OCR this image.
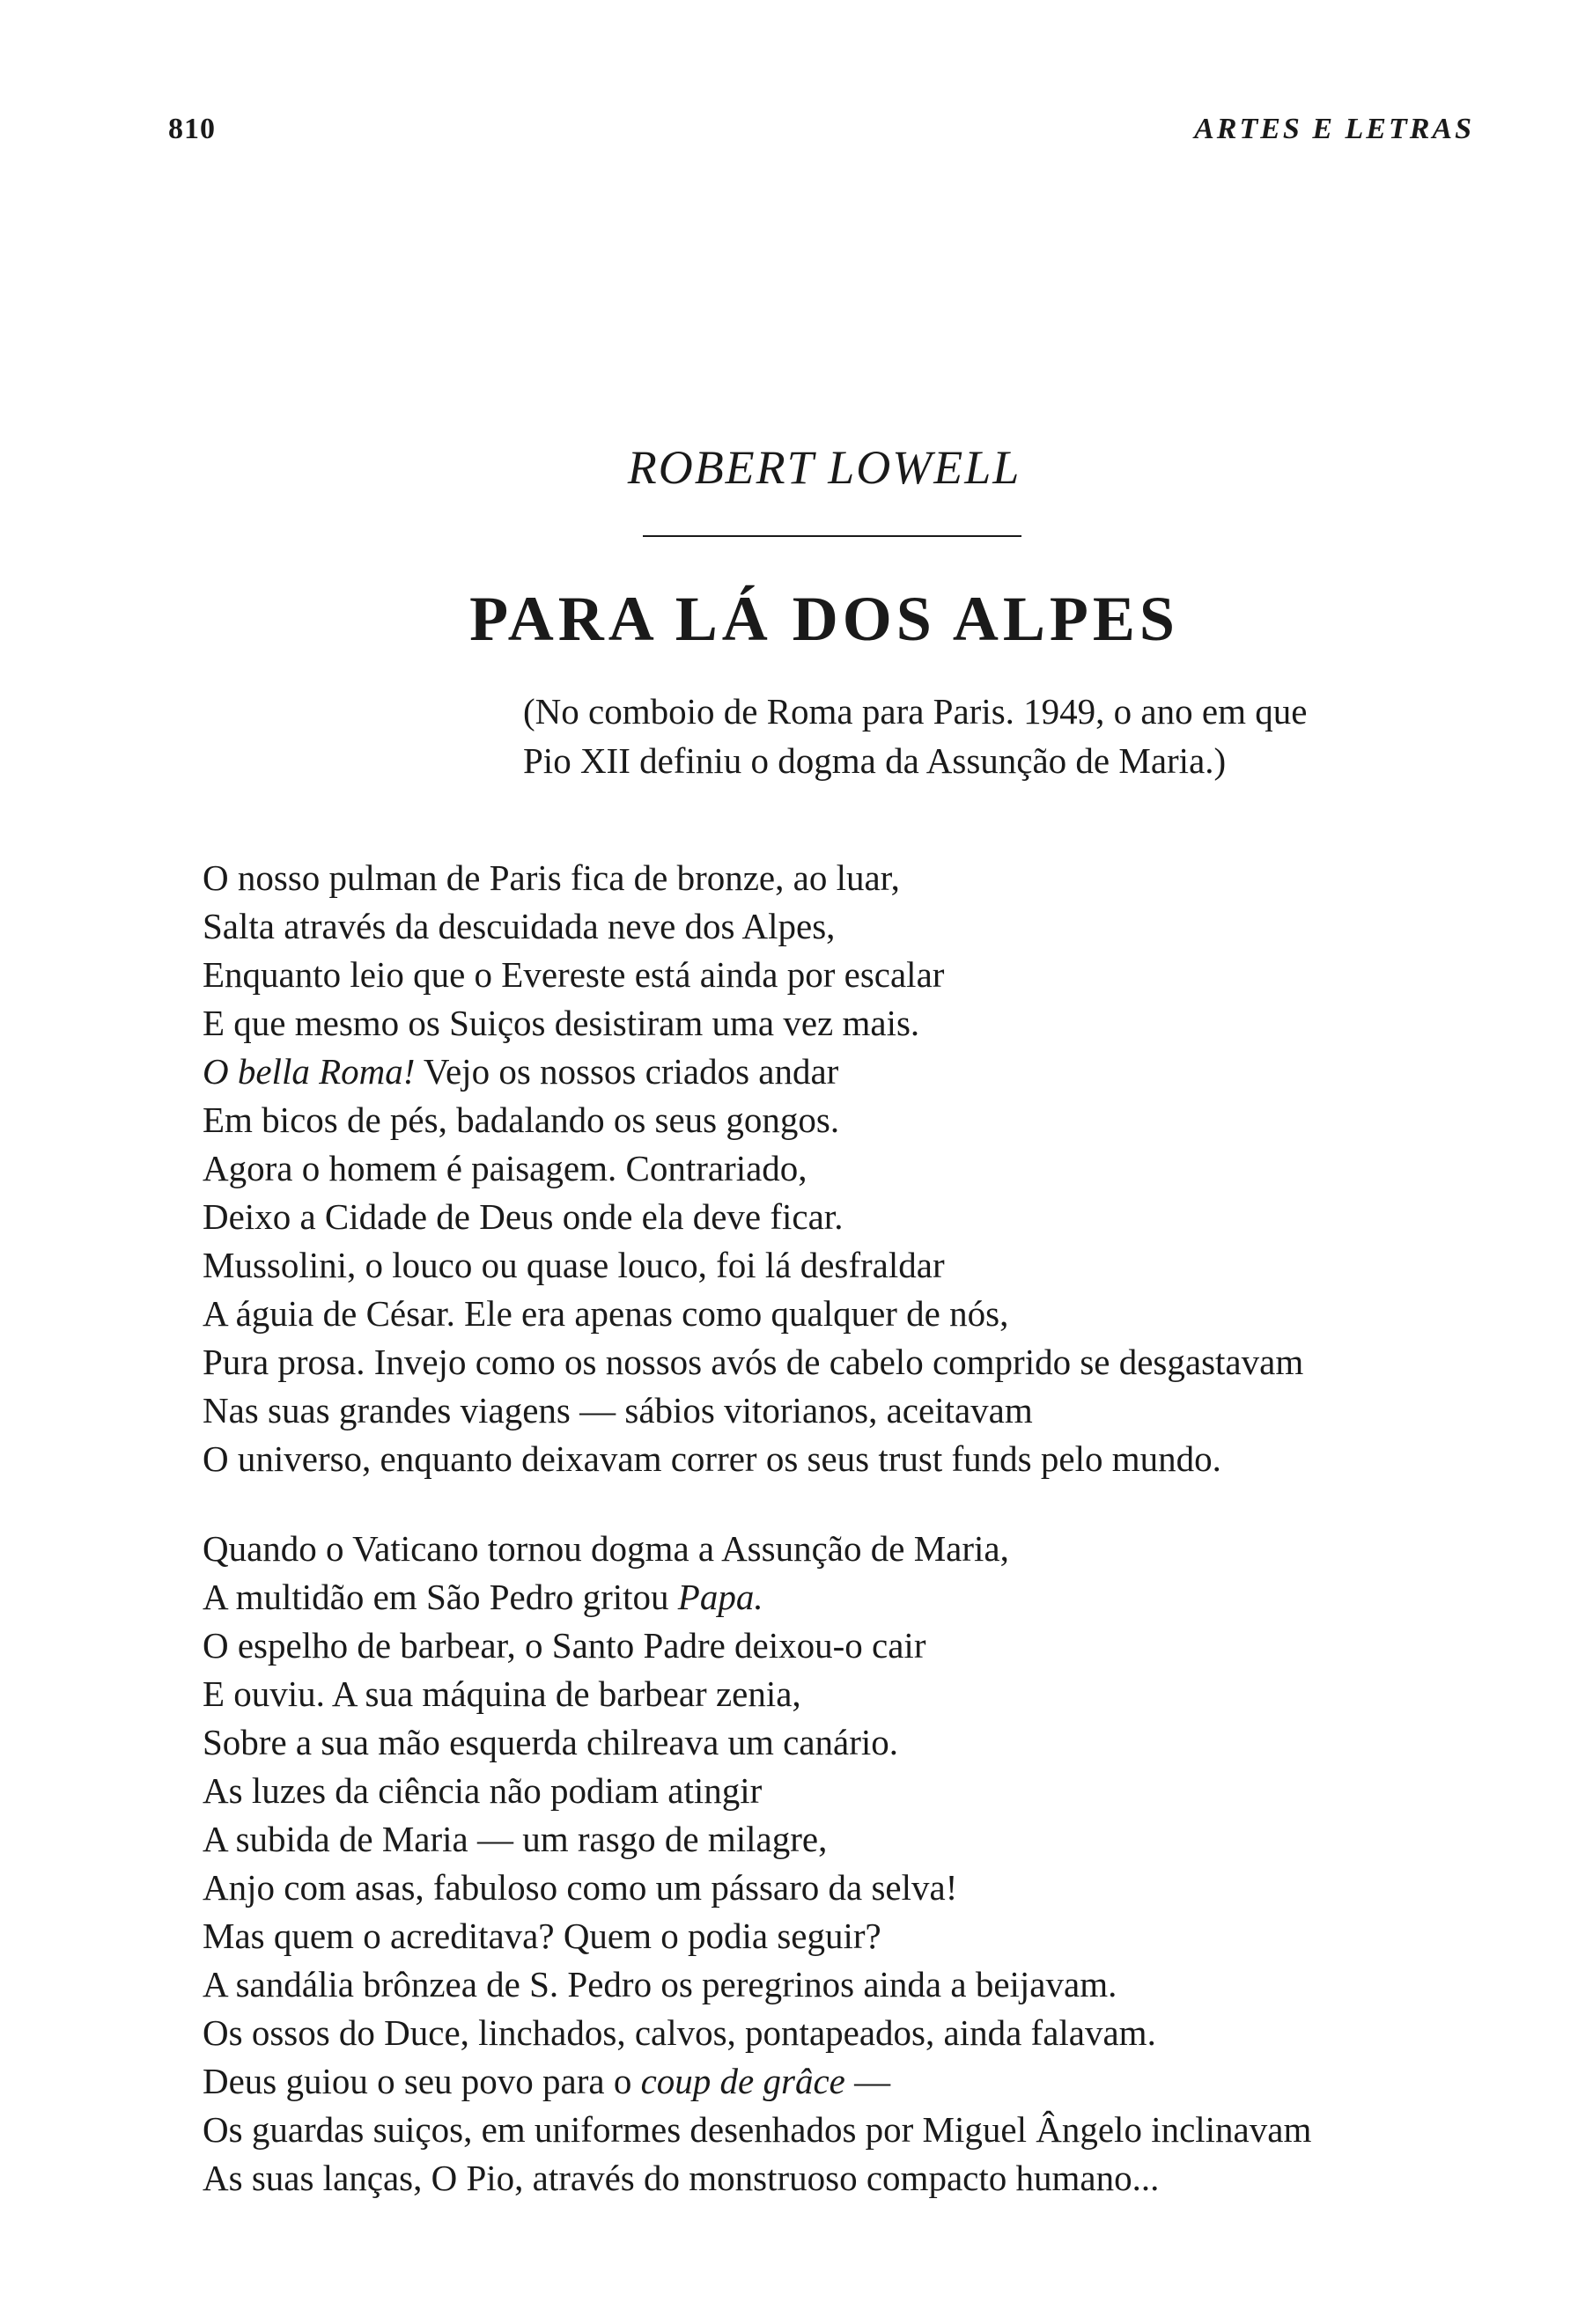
810	ARTES E LETRAS
ROBERT LOWELL
PARA LÁ DOS ALPES
(No comboio de Roma para Paris. 1949, o ano em que
Pio XII definiu o dogma da Assunção de Maria.)
O nosso pulman de Paris fica de bronze, ao luar,
Salta através da descuidada neve dos Alpes,
Enquanto leio que o Evereste está ainda por escalar
E que mesmo os Suiços desistiram uma vez mais.
O bella Roma! Vejo os nossos criados andar
Em bicos de pés, badalando os seus gongos.
Agora o homem é paisagem. Contrariado,
Deixo a Cidade de Deus onde ela deve ficar.
Mussolini, o louco ou quase louco, foi lá desfraldar
A águia de César. Ele era apenas como qualquer de nós,
Pura prosa. Invejo como os nossos avós de cabelo comprido se desgastavam
Nas suas grandes viagens — sábios vitorianos, aceitavam
O universo, enquanto deixavam correr os seus trust funds pelo mundo.
Quando o Vaticano tornou dogma a Assunção de Maria,
A multidão em São Pedro gritou Papa.
O espelho de barbear, o Santo Padre deixou-o cair
E ouviu. A sua máquina de barbear zenia,
Sobre a sua mão esquerda chilreava um canário.
As luzes da ciência não podiam atingir
A subida de Maria — um rasgo de milagre,
Anjo com asas, fabuloso como um pássaro da selva!
Mas quem o acreditava? Quem o podia seguir?
A sandália brônzea de S. Pedro os peregrinos ainda a beijavam.
Os ossos do Duce, linchados, calvos, pontapeados, ainda falavam.
Deus guiou o seu povo para o coup de grâce —
Os guardas suiços, em uniformes desenhados por Miguel Ângelo inclinavam
As suas lanças, O Pio, através do monstruoso compacto humano...
